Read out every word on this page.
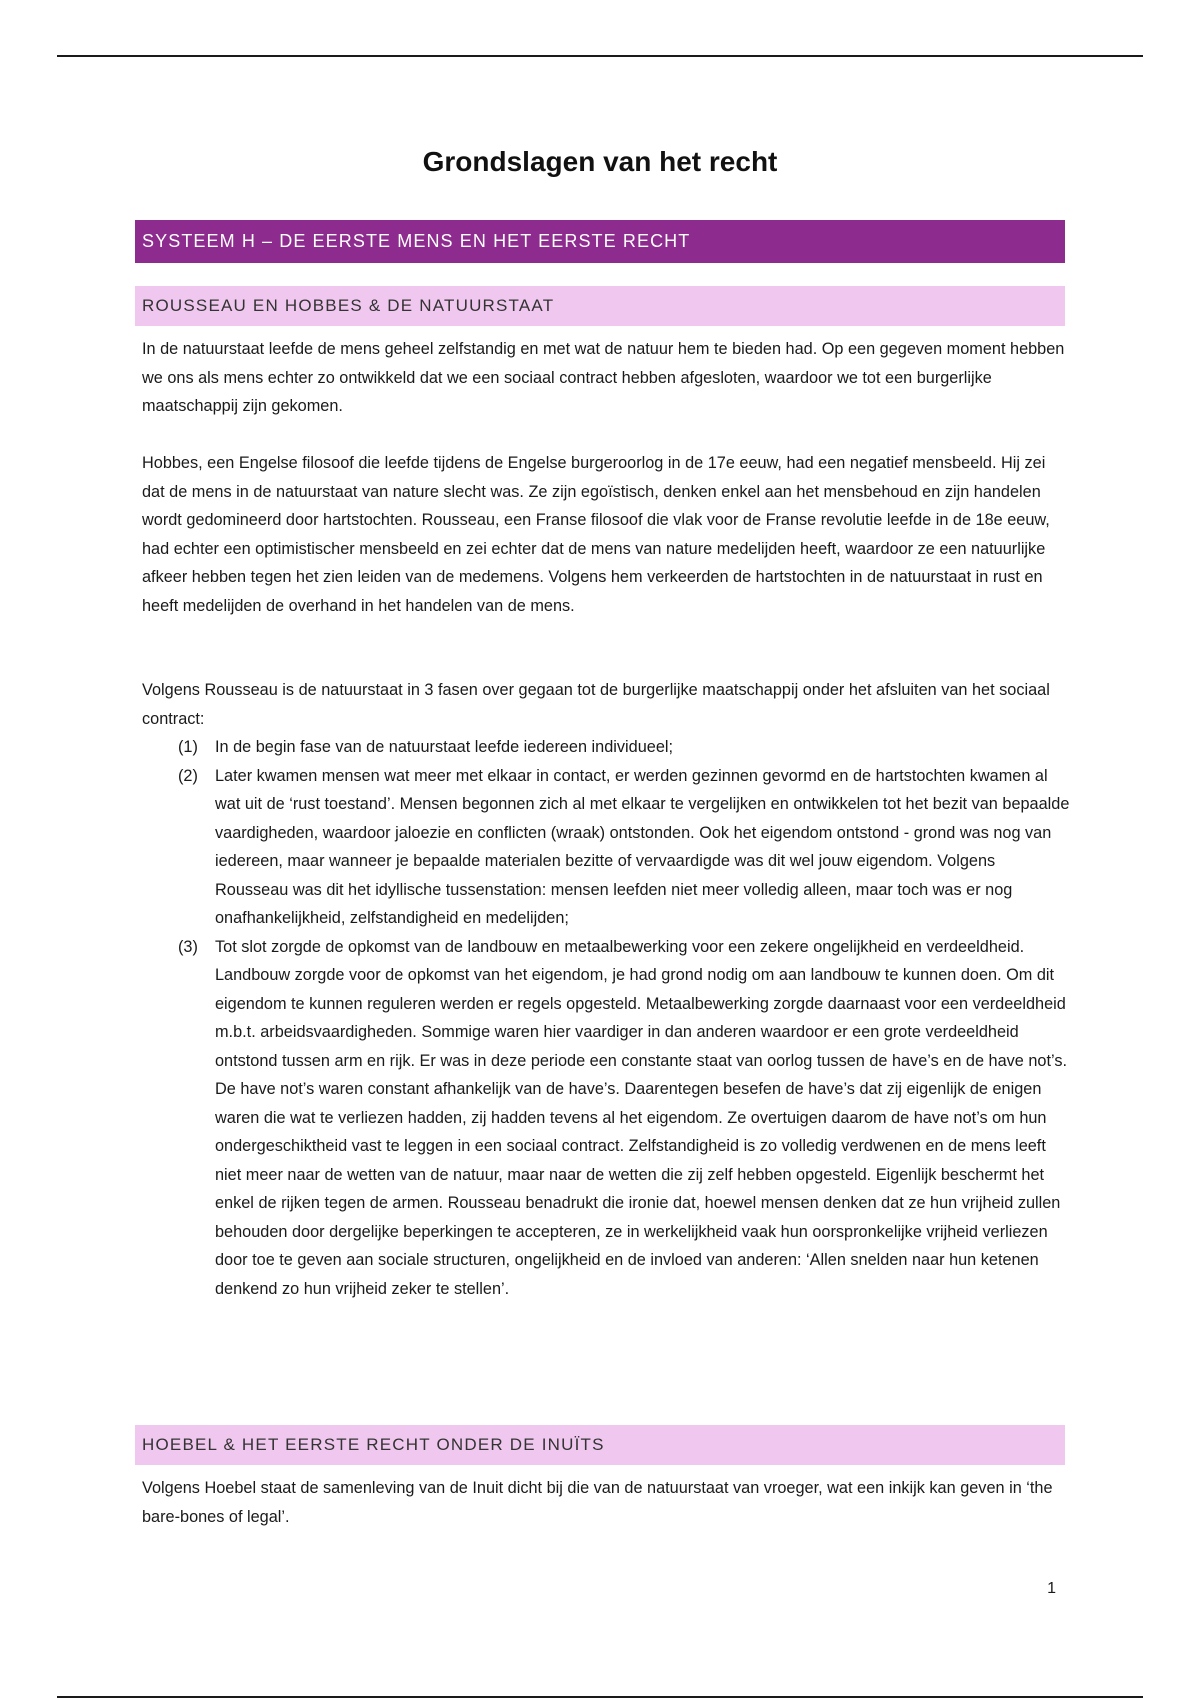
Grondslagen van het recht
SYSTEEM H – DE EERSTE MENS EN HET EERSTE RECHT
ROUSSEAU EN HOBBES & DE NATUURSTAAT
In de natuurstaat leefde de mens geheel zelfstandig en met wat de natuur hem te bieden had. Op een gegeven moment hebben we ons als mens echter zo ontwikkeld dat we een sociaal contract hebben afgesloten, waardoor we tot een burgerlijke maatschappij zijn gekomen.
Hobbes, een Engelse filosoof die leefde tijdens de Engelse burgeroorlog in de 17e eeuw, had een negatief mensbeeld. Hij zei dat de mens in de natuurstaat van nature slecht was. Ze zijn egoïstisch, denken enkel aan het mensbehoud en zijn handelen wordt gedomineerd door hartstochten. Rousseau, een Franse filosoof die vlak voor de Franse revolutie leefde in de 18e eeuw, had echter een optimistischer mensbeeld en zei echter dat de mens van nature medelijden heeft, waardoor ze een natuurlijke afkeer hebben tegen het zien leiden van de medemens. Volgens hem verkeerden de hartstochten in de natuurstaat in rust en heeft medelijden de overhand in het handelen van de mens.
Volgens Rousseau is de natuurstaat in 3 fasen over gegaan tot de burgerlijke maatschappij onder het afsluiten van het sociaal contract:
(1) In de begin fase van de natuurstaat leefde iedereen individueel;
(2) Later kwamen mensen wat meer met elkaar in contact, er werden gezinnen gevormd en de hartstochten kwamen al wat uit de ‘rust toestand’. Mensen begonnen zich al met elkaar te vergelijken en ontwikkelen tot het bezit van bepaalde vaardigheden, waardoor jaloezie en conflicten (wraak) ontstonden. Ook het eigendom ontstond - grond was nog van iedereen, maar wanneer je bepaalde materialen bezitte of vervaardigde was dit wel jouw eigendom. Volgens Rousseau was dit het idyllische tussenstation: mensen leefden niet meer volledig alleen, maar toch was er nog onafhankelijkheid, zelfstandigheid en medelijden;
(3) Tot slot zorgde de opkomst van de landbouw en metaalbewerking voor een zekere ongelijkheid en verdeeldheid. Landbouw zorgde voor de opkomst van het eigendom, je had grond nodig om aan landbouw te kunnen doen. Om dit eigendom te kunnen reguleren werden er regels opgesteld. Metaalbewerking zorgde daarnaast voor een verdeeldheid m.b.t. arbeidsvaardigheden. Sommige waren hier vaardiger in dan anderen waardoor er een grote verdeeldheid ontstond tussen arm en rijk. Er was in deze periode een constante staat van oorlog tussen de have’s en de have not’s. De have not’s waren constant afhankelijk van de have’s. Daarentegen besefen de have’s dat zij eigenlijk de enigen waren die wat te verliezen hadden, zij hadden tevens al het eigendom. Ze overtuigen daarom de have not’s om hun ondergeschiktheid vast te leggen in een sociaal contract. Zelfstandigheid is zo volledig verdwenen en de mens leeft niet meer naar de wetten van de natuur, maar naar de wetten die zij zelf hebben opgesteld. Eigenlijk beschermt het enkel de rijken tegen de armen. Rousseau benadrukt die ironie dat, hoewel mensen denken dat ze hun vrijheid zullen behouden door dergelijke beperkingen te accepteren, ze in werkelijkheid vaak hun oorspronkelijke vrijheid verliezen door toe te geven aan sociale structuren, ongelijkheid en de invloed van anderen: ‘Allen snelden naar hun ketenen denkend zo hun vrijheid zeker te stellen’.
HOEBEL & HET EERSTE RECHT ONDER DE INUÏTS
Volgens Hoebel staat de samenleving van de Inuit dicht bij die van de natuurstaat van vroeger, wat een inkijk kan geven in ‘the bare-bones of legal’.
1
